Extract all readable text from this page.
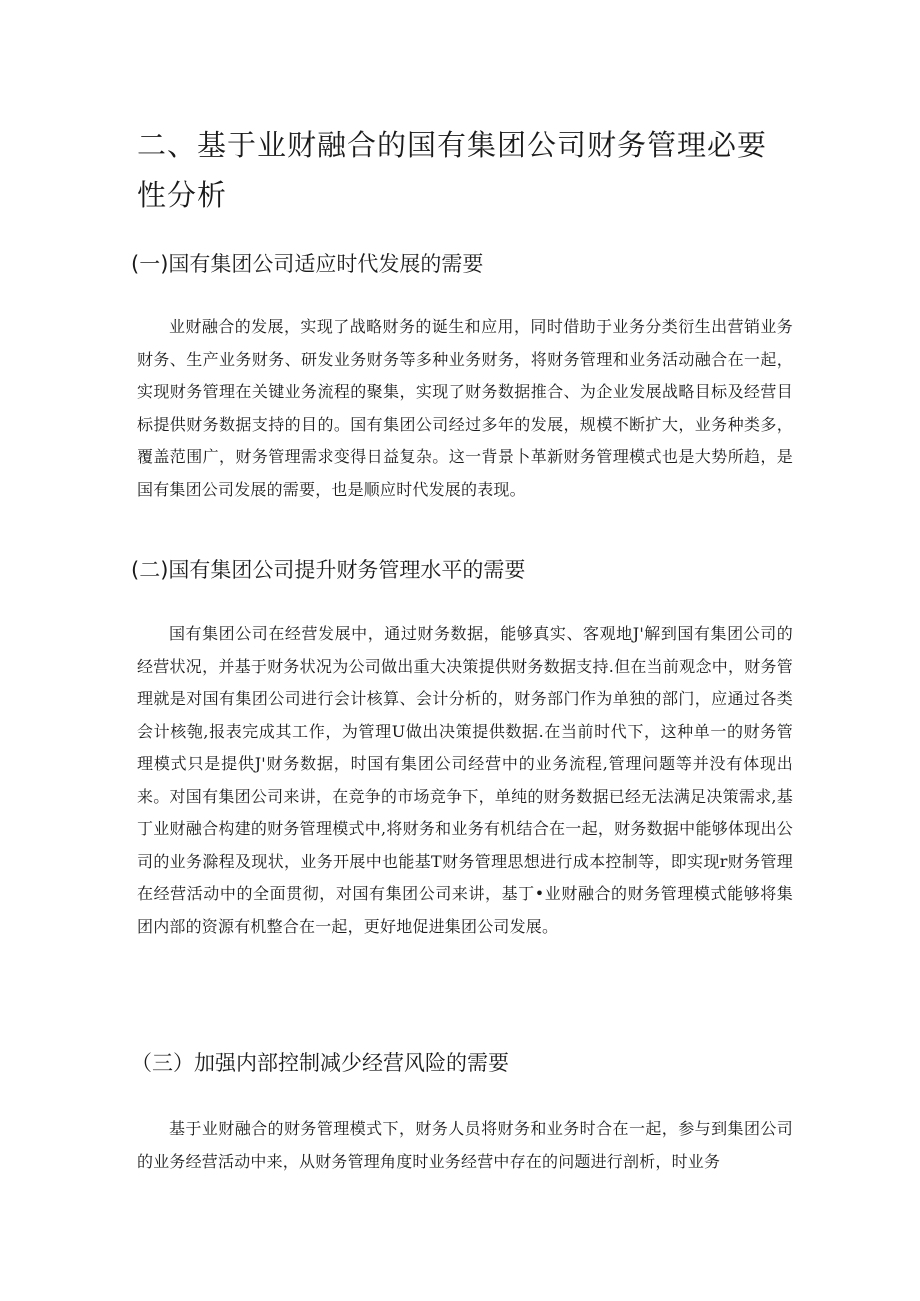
二、基于业财融合的国有集团公司财务管理必要性分析
(一)国有集团公司适应时代发展的需要

业财融合的发展，实现了战略财务的诞生和应用，同时借助于业务分类衍生出营销业务财务、生产业务财务、研发业务财务等多种业务财务，将财务管理和业务活动融合在一起，实现财务管理在关键业务流程的聚集，实现了财务数据推合、为企业发展战略目标及经营目标提供财务数据支持的目的。国有集团公司经过多年的发展，规模不断扩大，业务种类多，覆盖范围广，财务管理需求变得日益复杂。这一背景卜革新财务管理模式也是大势所趋，是国有集团公司发展的需要，也是顺应时代发展的表现。

(二)国有集团公司提升财务管理水平的需要

国有集团公司在经营发展中，通过财务数据，能够真实、客观地J'解到国有集团公司的经营状况，并基于财务状况为公司做出重大决策提供财务数据支持.但在当前观念中，财务管理就是对国有集团公司进行会计核算、会计分析的，财务部门作为单独的部门，应通过各类会计核匏,报表完成其工作，为管理U做出决策提供数据.在当前时代下，这种单一的财务管理模式只是提供J'财务数据，时国有集团公司经营中的业务流程,管理问题等并没有体现出来。对国有集团公司来讲，在竞争的市场竞争下，单纯的财务数据已经无法满足决策需求,基丁业财融合构建的财务管理模式中,将财务和业务有机结合在一起，财务数据中能够体现出公司的业务滁程及现状，业务开展中也能基T财务管理思想进行成本控制等，即实现r财务管理在经营活动中的全面贯彻，对国有集团公司来讲，基丁•业财融合的财务管理模式能够将集团内部的资源有机整合在一起，更好地促进集团公司发展。

（三）加强内部控制减少经营风险的需要

基于业财融合的财务管理模式下，财务人员将财务和业务时合在一起，参与到集团公司的业务经营活动中来，从财务管理角度时业务经营中存在的问题进行剖析，时业务
